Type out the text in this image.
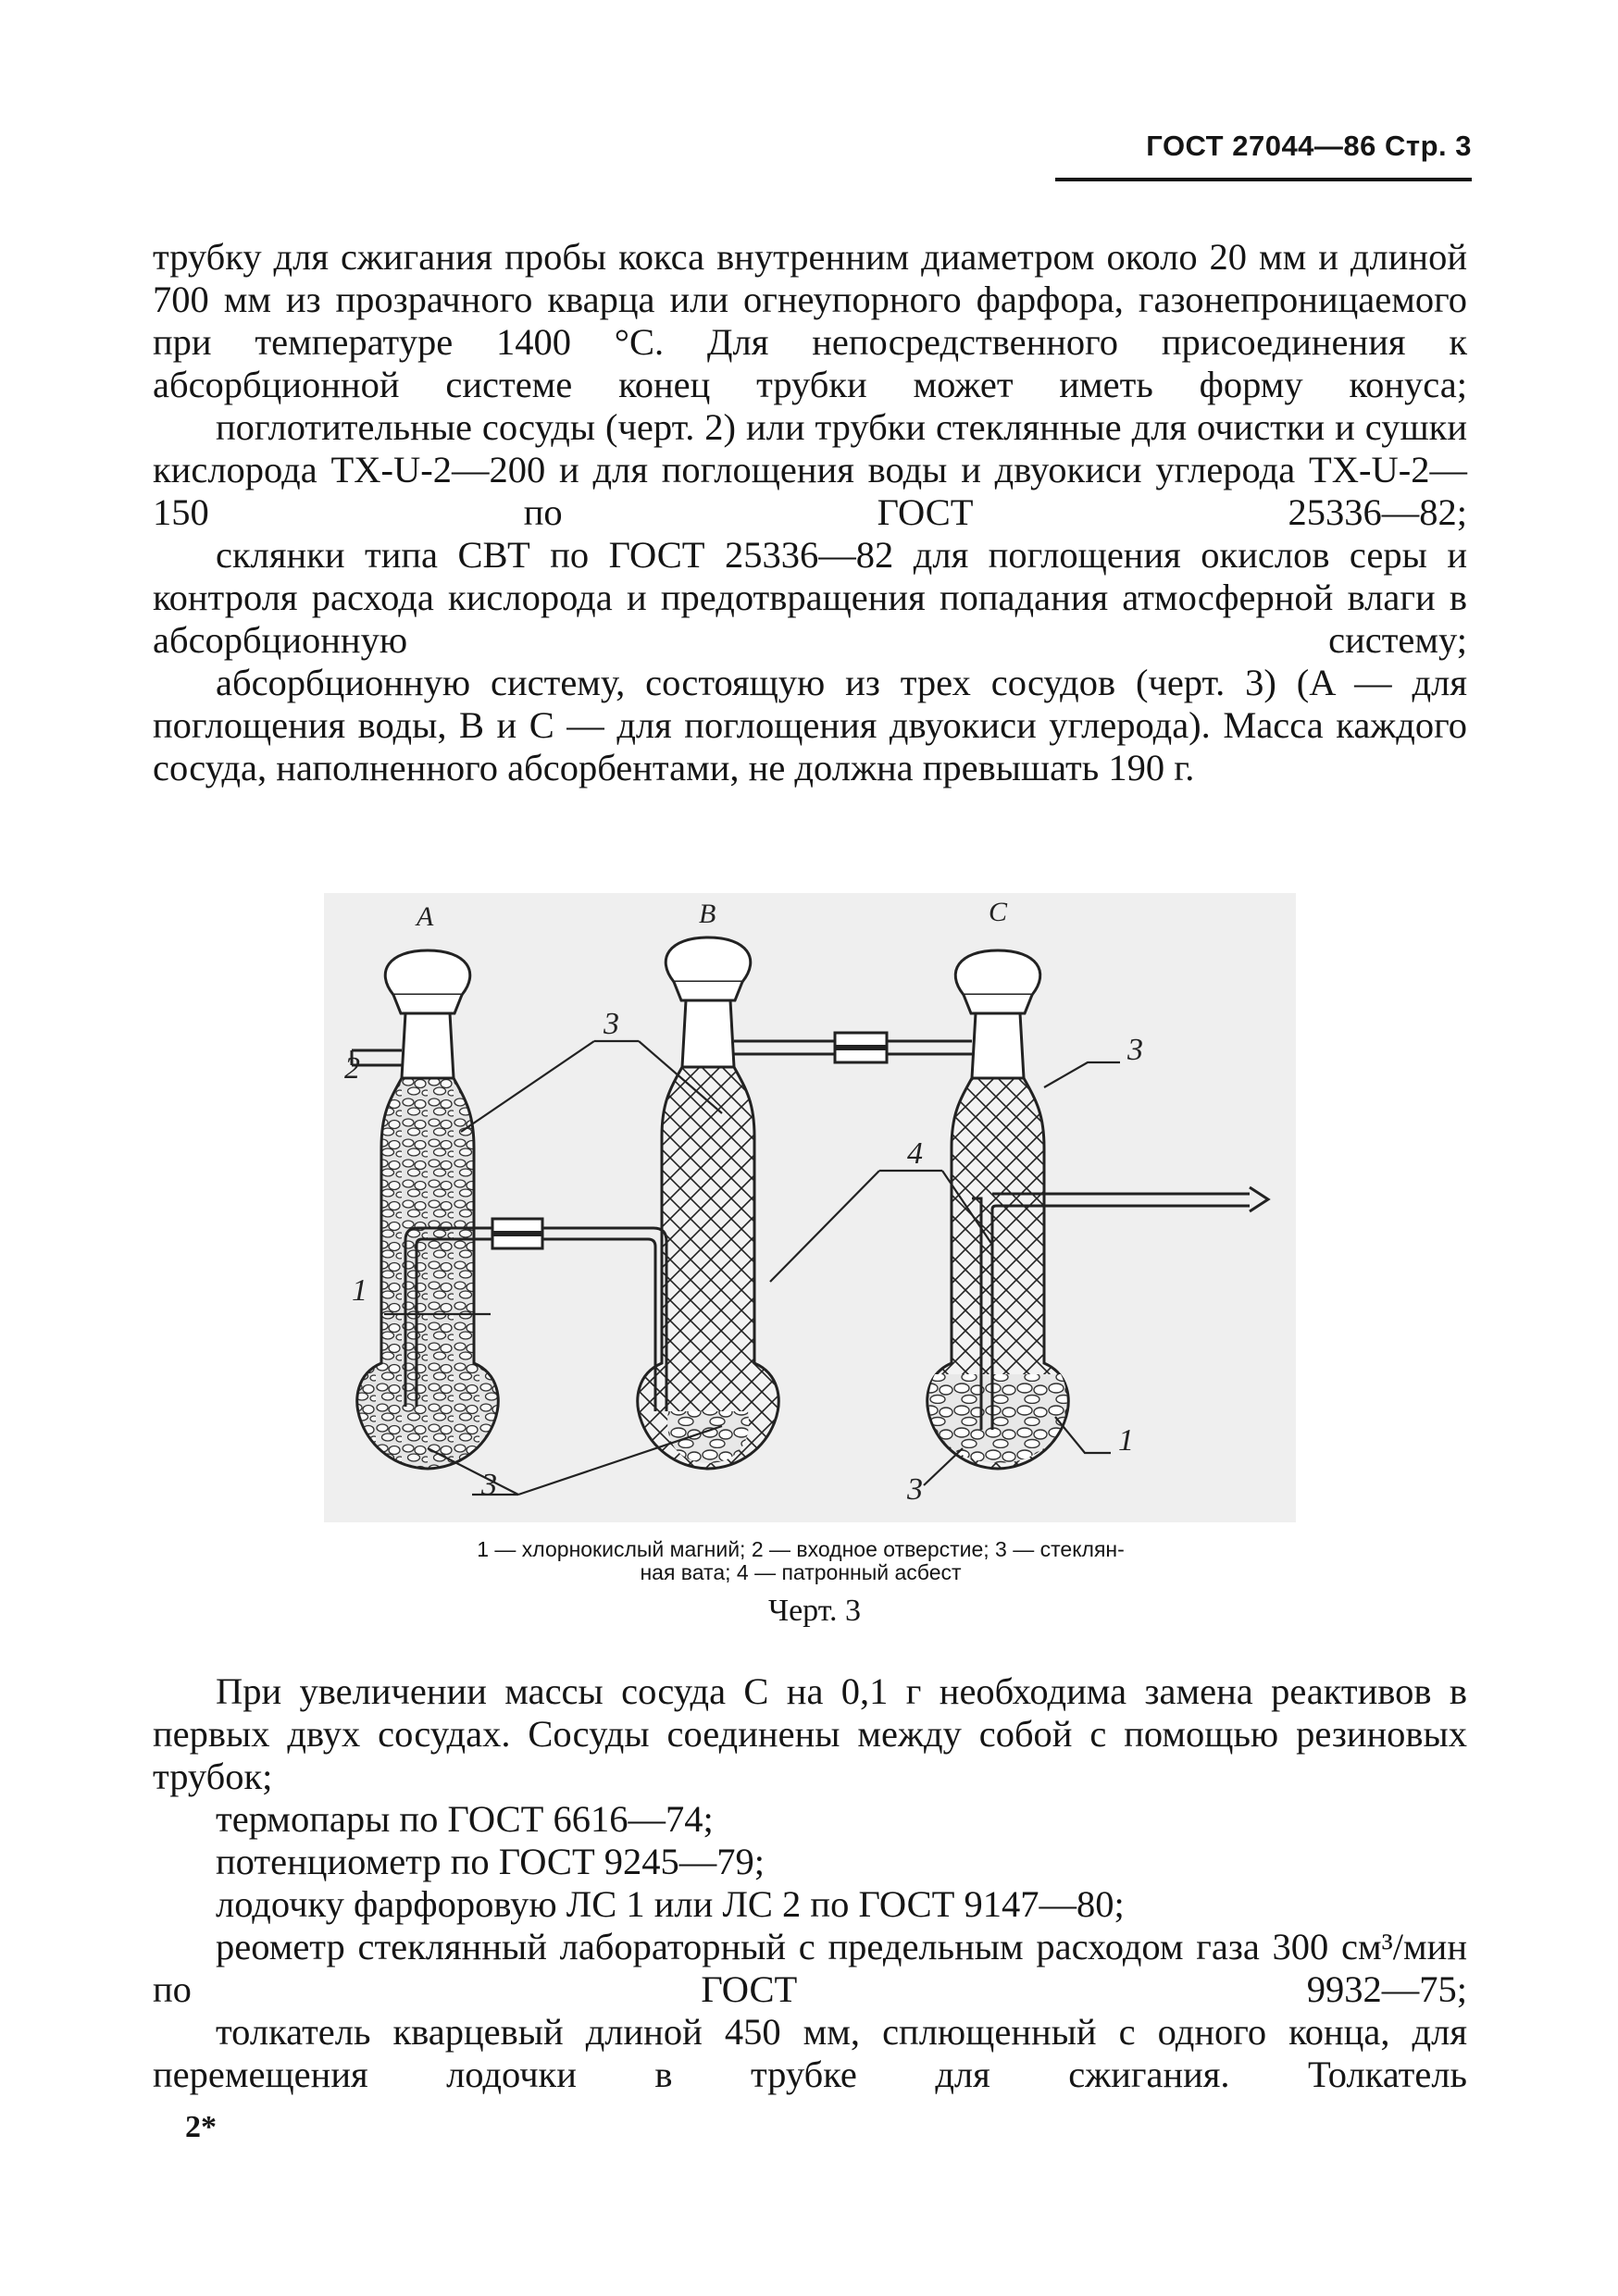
ГОСТ 27044—86 Стр. 3

трубку для сжигания пробы кокса внутренним диаметром около 20 мм и длиной 700 мм из прозрачного кварца или огнеупорного фарфора, газонепроницаемого при температуре 1400 °С. Для непосредственного присоединения к абсорбционной системе конец трубки может иметь форму конуса;

поглотительные сосуды (черт. 2) или трубки стеклянные для очистки и сушки кислорода ТХ-U-2—200 и для поглощения воды и двуокиси углерода ТХ-U-2—150 по ГОСТ 25336—82;

склянки типа СВТ по ГОСТ 25336—82 для поглощения окислов серы и контроля расхода кислорода и предотвращения попадания атмосферной влаги в абсорбционную систему;

абсорбционную систему, состоящую из трех сосудов (черт. 3) (A — для поглощения воды, B и C — для поглощения двуокиси углерода). Масса каждого сосуда, наполненного абсорбентами, не должна превышать 190 г.

A	B	C
3
2
4
1
3
3
1
3
1 — хлорнокислый магний; 2 — входное отверстие; 3 — стеклян-
ная вата; 4 — патронный асбест
Черт. 3

При увеличении массы сосуда С на 0,1 г необходима замена реактивов в первых двух сосудах. Сосуды соединены между собой с помощью резиновых трубок;

термопары по ГОСТ 6616—74;

потенциометр по ГОСТ 9245—79;

лодочку фарфоровую ЛС 1 или ЛС 2 по ГОСТ 9147—80;

реометр стеклянный лабораторный с предельным расходом газа 300 см³/мин по ГОСТ 9932—75;

толкатель кварцевый длиной 450 мм, сплющенный с одного конца, для перемещения лодочки в трубке для сжигания. Толкатель

2*
